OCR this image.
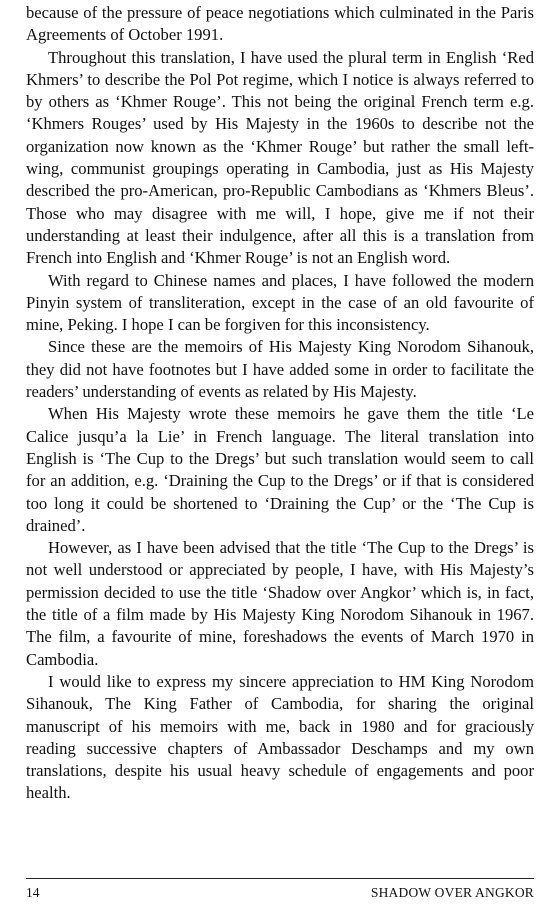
because of the pressure of peace negotiations which culminated in the Paris Agreements of October 1991.

Throughout this translation, I have used the plural term in English ‘Red Khmers’ to describe the Pol Pot regime, which I notice is always referred to by others as ‘Khmer Rouge’. This not being the original French term e.g. ‘Khmers Rouges’ used by His Majesty in the 1960s to describe not the organization now known as the ‘Khmer Rouge’ but rather the small left-wing, communist groupings operating in Cambodia, just as His Majesty described the pro-American, pro-Republic Cambodians as ‘Khmers Bleus’. Those who may disagree with me will, I hope, give me if not their understanding at least their indulgence, after all this is a translation from French into English and ‘Khmer Rouge’ is not an English word.

With regard to Chinese names and places, I have followed the modern Pinyin system of transliteration, except in the case of an old favourite of mine, Peking. I hope I can be forgiven for this inconsistency.

Since these are the memoirs of His Majesty King Norodom Sihanouk, they did not have footnotes but I have added some in order to facilitate the readers’ understanding of events as related by His Majesty.

When His Majesty wrote these memoirs he gave them the title ‘Le Calice jusqu’a la Lie’ in French language. The literal translation into English is ‘The Cup to the Dregs’ but such translation would seem to call for an addition, e.g. ‘Draining the Cup to the Dregs’ or if that is considered too long it could be shortened to ‘Draining the Cup’ or the ‘The Cup is drained’.

However, as I have been advised that the title ‘The Cup to the Dregs’ is not well understood or appreciated by people, I have, with His Majesty’s permission decided to use the title ‘Shadow over Angkor’ which is, in fact, the title of a film made by His Majesty King Norodom Sihanouk in 1967. The film, a favourite of mine, foreshadows the events of March 1970 in Cambodia.

I would like to express my sincere appreciation to HM King Norodom Sihanouk, The King Father of Cambodia, for sharing the original manuscript of his memoirs with me, back in 1980 and for graciously reading successive chapters of Ambassador Deschamps and my own translations, despite his usual heavy schedule of engagements and poor health.

14	SHADOW OVER ANGKOR
